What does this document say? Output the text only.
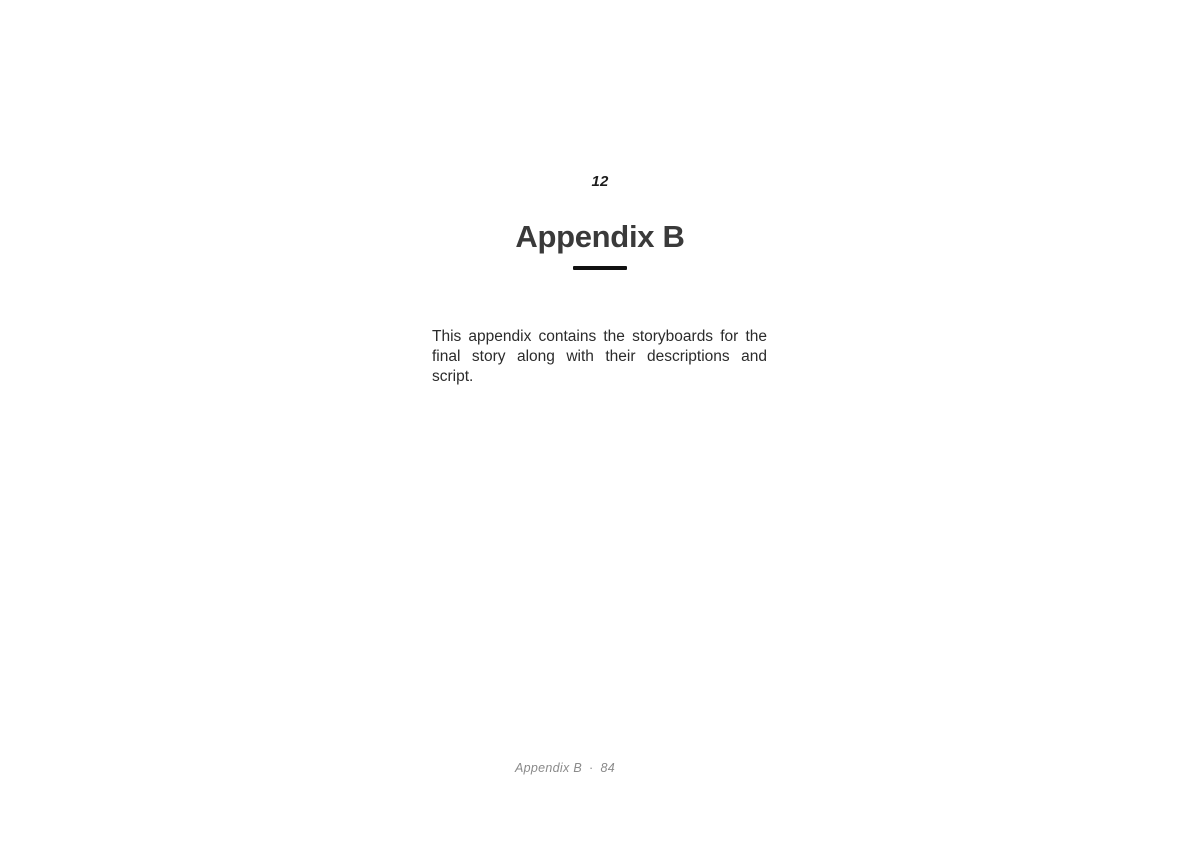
12
Appendix B

This appendix contains the storyboards for the final story along with their descriptions and script.

Appendix B · 84
